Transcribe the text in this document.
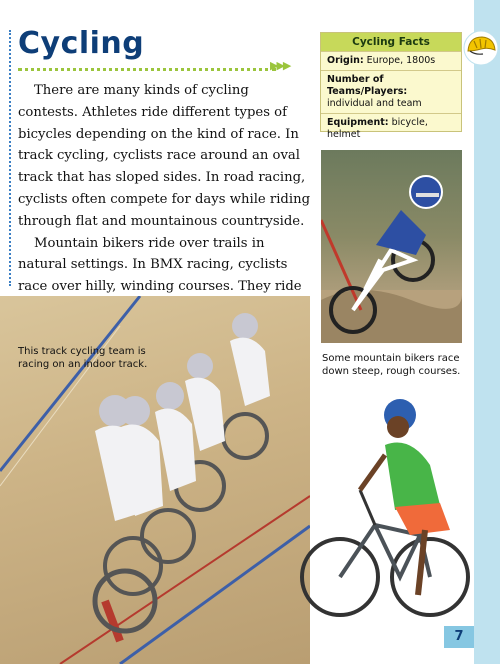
Cycling
▶▶▶

There are many kinds of cycling contests. Athletes ride different types of bicycles depending on the kind of race. In track cycling, cyclists race around an oval track that has sloped sides. In road racing, cyclists often compete for days while riding through flat and mountainous countryside.

Mountain bikers ride over trails in natural settings. In BMX racing, cyclists race over hilly, winding courses. They ride

Cycling Facts
Origin: Europe, 1800s
Number of Teams/Players:
individual and team
Equipment: bicycle, helmet
Some mountain bikers race down steep, rough courses.
This track cycling team is racing on an indoor track.
7
